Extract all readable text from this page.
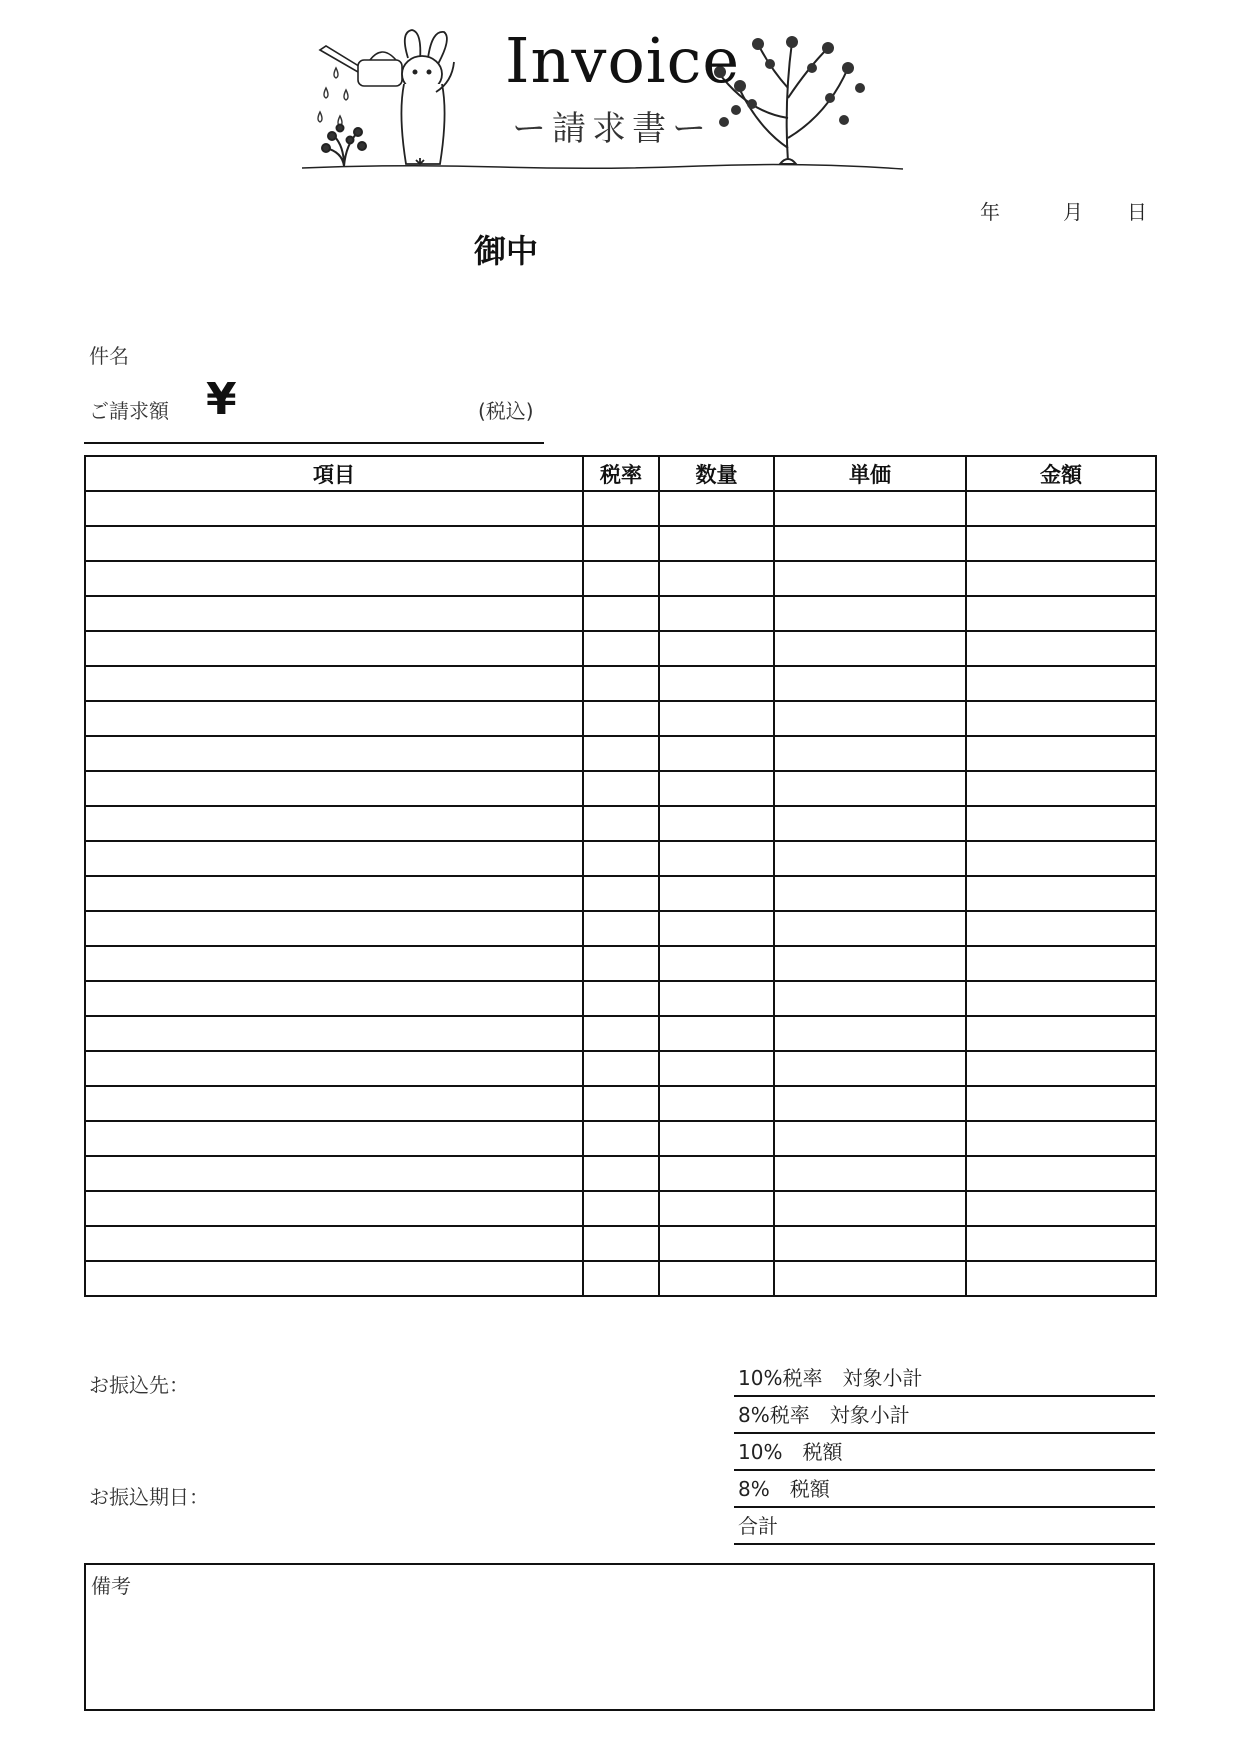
Invoice
ー請求書ー
年	月 日
御中
件名
ご請求額 ¥	(税込)
項目	税率	数量	単価	金額

お振込先：
お振込期日：
10%税率　対象小計
8%税率　対象小計
10%　税額
8%　税額
合計
備考
